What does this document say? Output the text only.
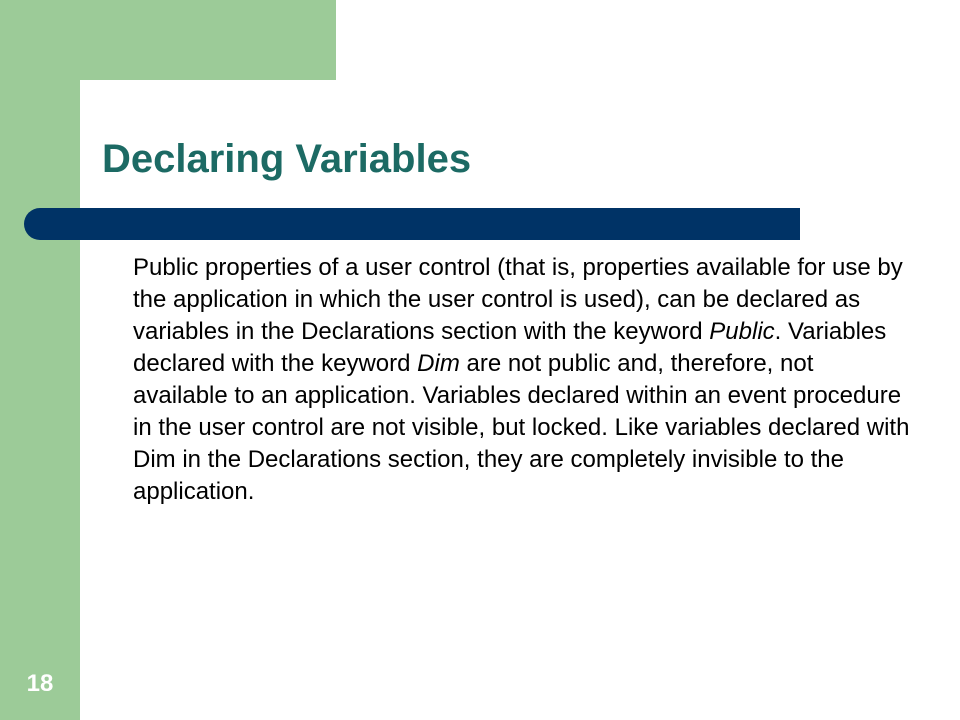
Declaring Variables

Public properties of a user control (that is, properties available for use by the application in which the user control is used), can be declared as variables in the Declarations section with the keyword Public. Variables declared with the keyword Dim are not public and, therefore, not available to an application. Variables declared within an event procedure in the user control are not visible, but locked. Like variables declared with Dim in the Declarations section, they are completely invisible to the application.

18
